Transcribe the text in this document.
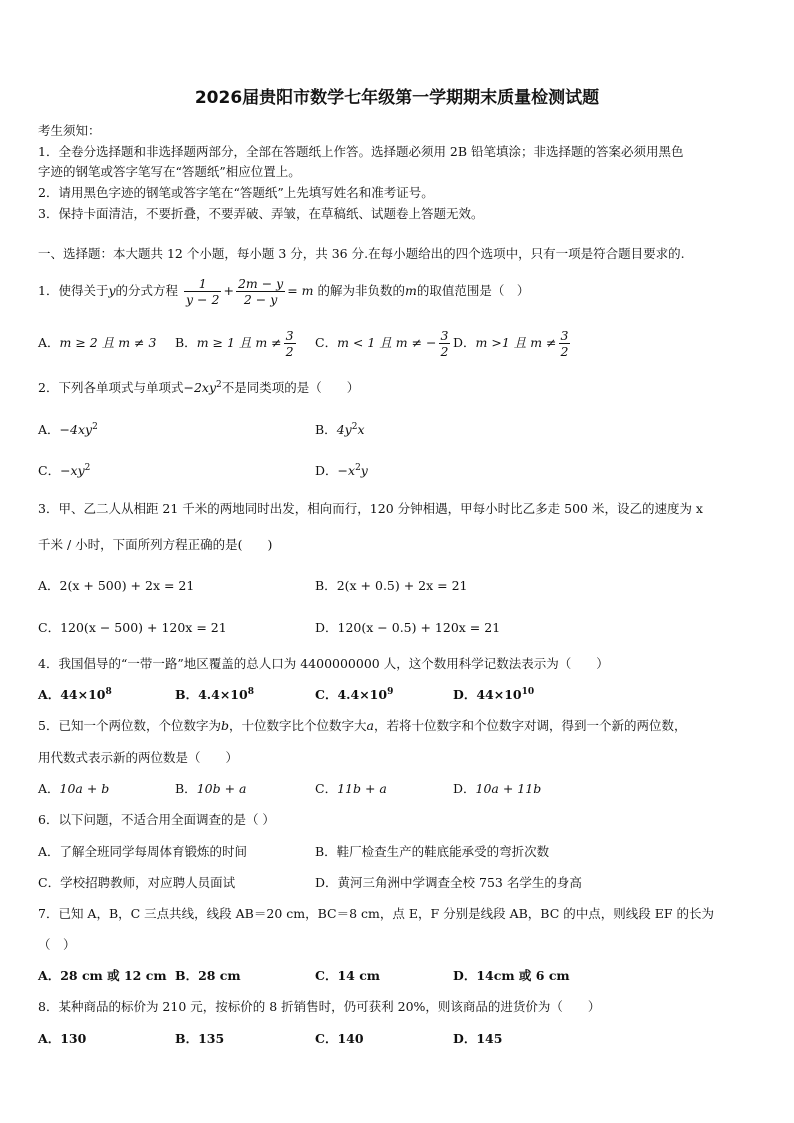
2026届贵阳市数学七年级第一学期期末质量检测试题
考生须知：
1．全卷分选择题和非选择题两部分，全部在答题纸上作答。选择题必须用 2B 铅笔填涂；非选择题的答案必须用黑色
字迹的钢笔或答字笔写在“答题纸”相应位置上。
2．请用黑色字迹的钢笔或答字笔在“答题纸”上先填写姓名和准考证号。
3．保持卡面清洁，不要折叠，不要弄破、弄皱，在草稿纸、试题卷上答题无效。
一、选择题：本大题共 12 个小题，每小题 3 分，共 36 分.在每小题给出的四个选项中，只有一项是符合题目要求的.
1．使得关于y的分式方程 $\frac{1}{y - 2} + \frac{2m - y}{2 - y} = m$ 的解为非负数的m的取值范围是（　）
A．m ≥ 2 且 m ≠ 3 B．m ≥ 1 且 $m \ne \frac{3}{2}$ C．m < 1 且 m ≠ − $\frac{3}{2}$ D．m >1 且 $m \ne \frac{3}{2}$
2．下列各单项式与单项式$-2xy^2$不是同类项的是（　　）
A．$-4xy^2$	B．$4y^2x$
C．$-xy^2$	D．$-x^2y$
3．甲、乙二人从相距 21 千米的两地同时出发，相向而行，120 分钟相遇，甲每小时比乙多走 500 米，设乙的速度为 x
千米 / 小时，下面所列方程正确的是(　　)
A．2(x + 500) + 2x = 21	B．2(x + 0.5) + 2x = 21
C．120(x − 500) + 120x = 21	D．120(x − 0.5) + 120x = 21
4．我国倡导的“一带一路”地区覆盖的总人口为 4400000000 人，这个数用科学记数法表示为（　　）
A．$44\times 10^8$	B．$4.4\times 10^8$	C．$4.4\times 10^9$	D．$44\times 10^{10}$
5．已知一个两位数，个位数字为b，十位数字比个位数字大a，若将十位数字和个位数字对调，得到一个新的两位数，
用代数式表示新的两位数是（　　）
A．10a + b	B．10b + a	C．11b + a	D．10a + 11b
6．以下问题，不适合用全面调查的是（ ）
A．了解全班同学每周体育锻炼的时间	B．鞋厂检查生产的鞋底能承受的弯折次数
C．学校招聘教师，对应聘人员面试	D．黄河三角洲中学调查全校 753 名学生的身高
7．已知 A，B，C 三点共线，线段 AB＝20 cm，BC＝8 cm，点 E，F 分别是线段 AB，BC 的中点，则线段 EF 的长为
（　）
A．28 cm 或 12 cm B．28 cm	C．14 cm	D．14cm 或 6 cm
8．某种商品的标价为 210 元，按标价的 8 折销售时，仍可获利 20%，则该商品的进货价为（　　）
A．130	B．135	C．140	D．145
